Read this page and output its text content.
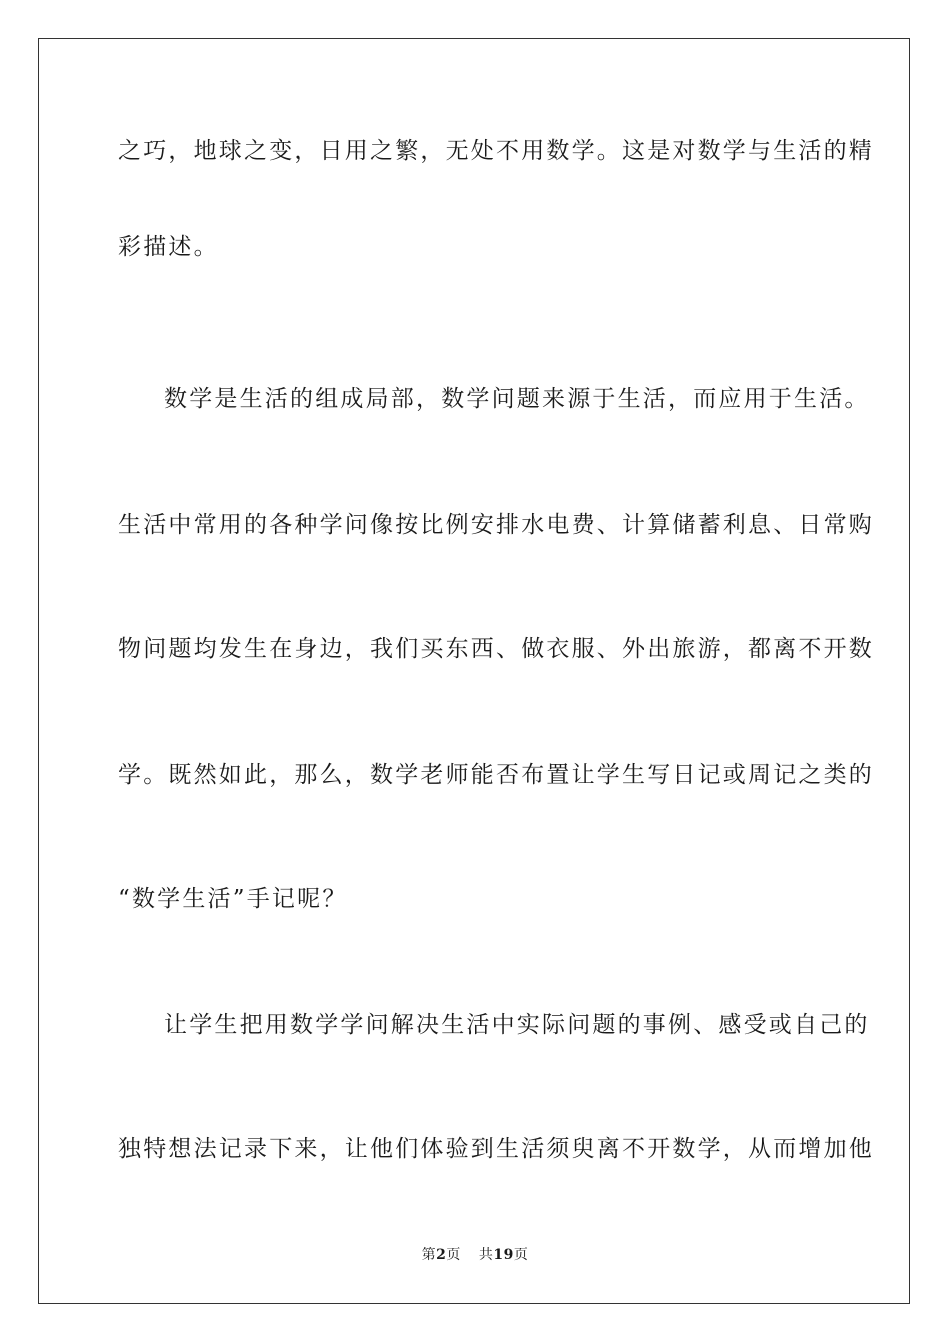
之巧，地球之变，日用之繁，无处不用数学。这是对数学与生活的精
彩描述。
数学是生活的组成局部，数学问题来源于生活，而应用于生活。
生活中常用的各种学问像按比例安排水电费、计算储蓄利息、日常购
物问题均发生在身边，我们买东西、做衣服、外出旅游，都离不开数
学。既然如此，那么，数学老师能否布置让学生写日记或周记之类的
“数学生活”手记呢？
让学生把用数学学问解决生活中实际问题的事例、感受或自己的
独特想法记录下来，让他们体验到生活须臾离不开数学，从而增加他
第2页 共19页
